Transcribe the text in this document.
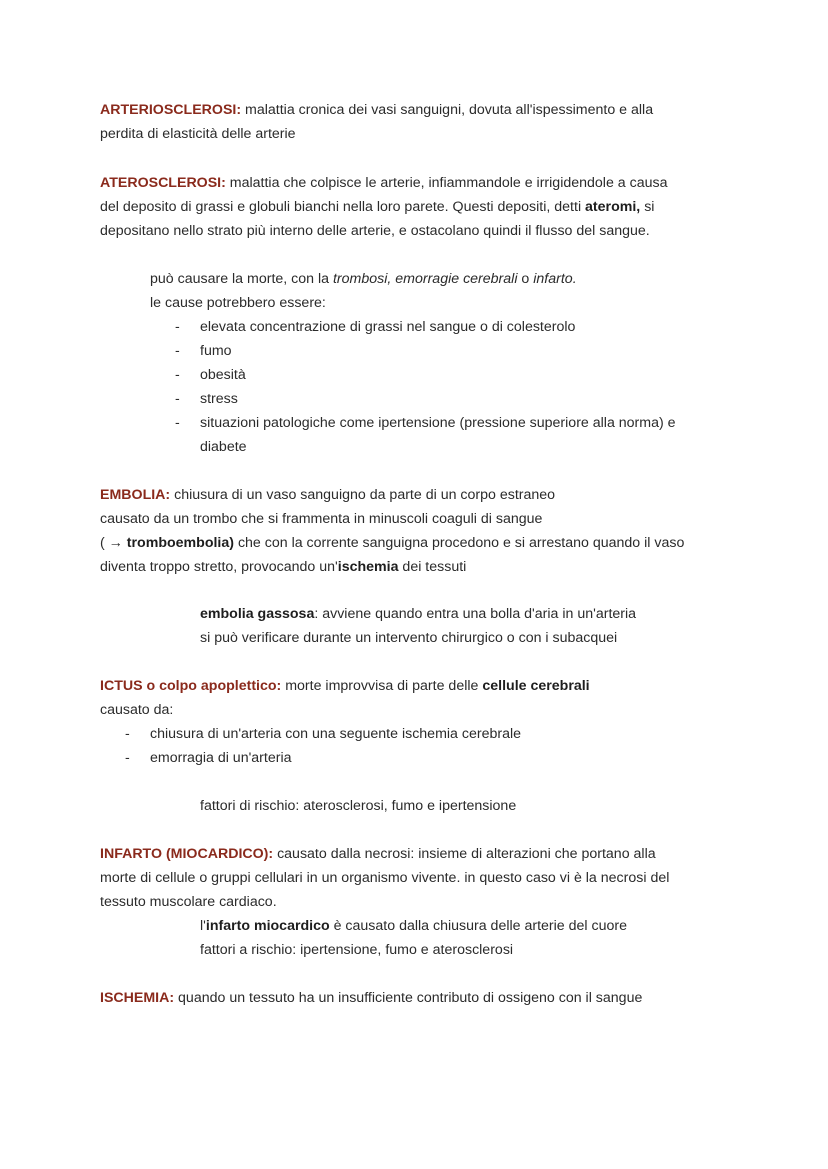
ARTERIOSCLEROSI: malattia cronica dei vasi sanguigni, dovuta all'ispessimento e alla
perdita di elasticità delle arterie
ATEROSCLEROSI: malattia che colpisce le arterie, infiammandole e irrigidendole a causa
del deposito di grassi e globuli bianchi nella loro parete. Questi depositi, detti ateromi, si
depositano nello strato più interno delle arterie, e ostacolano quindi il flusso del sangue.
può causare la morte, con la trombosi, emorragie cerebrali o infarto.
le cause potrebbero essere:
- elevata concentrazione di grassi nel sangue o di colesterolo
- fumo
- obesità
- stress
- situazioni patologiche come ipertensione (pressione superiore alla norma) e
diabete
EMBOLIA: chiusura di un vaso sanguigno da parte di un corpo estraneo
causato da un trombo che si frammenta in minuscoli coaguli di sangue
( → tromboembolia) che con la corrente sanguigna procedono e si arrestano quando il vaso
diventa troppo stretto, provocando un'ischemia dei tessuti
embolia gassosa: avviene quando entra una bolla d'aria in un'arteria
si può verificare durante un intervento chirurgico o con i subacquei
ICTUS o colpo apoplettico: morte improvvisa di parte delle cellule cerebrali
causato da:
- chiusura di un'arteria con una seguente ischemia cerebrale
- emorragia di un'arteria
fattori di rischio: aterosclerosi, fumo e ipertensione
INFARTO (MIOCARDICO): causato dalla necrosi: insieme di alterazioni che portano alla
morte di cellule o gruppi cellulari in un organismo vivente. in questo caso vi è la necrosi del
tessuto muscolare cardiaco.
l'infarto miocardico è causato dalla chiusura delle arterie del cuore
fattori a rischio: ipertensione, fumo e aterosclerosi
ISCHEMIA: quando un tessuto ha un insufficiente contributo di ossigeno con il sangue
